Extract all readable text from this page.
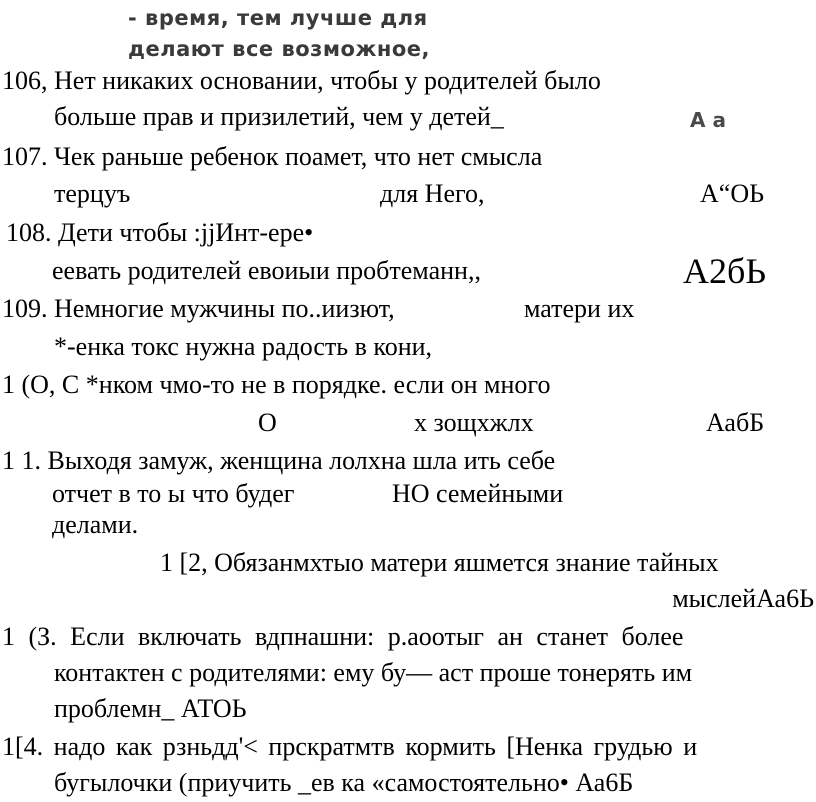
- время, тем лучше для
делают все возможное,
106, Нет никаких основании, чтобы у родителей было
больше прав и призилетий, чем у детей_	А а
107. Чек раньше ребенок поамет, что нет смысла
терцуъ	для Него,	А“ОЬ
108. Дети чтобы :jjИнт-ере•
еевать родителей евоиыи пробтеманн,,	А2бЬ
109. Немногие мужчины по..иизют,	матери их
*-енка токс нужна радость в кони,
1 (О, С *нком чмо-то не в порядке. если он много
О	х зощхжлх	АабБ
1 1. Выходя замуж, женщина лолхна шла ить себе
отчет в то ы что будег	НО семейными
делами.
1 [2, Обязанмхтыо матери яшмется знание тайных
мыслейАа6Ь
1 (З. Если включать вдпнашни: р.аоотыг ан станет более
контактен с родителями: ему бу— аст проше тонерять им
проблемн_ АТОЬ
1[4. надо как рзньдд'< прскратмтв кормить [Ненка грудью и
бугылочки (приучить _ев ка «самостоятельно• Аа6Б
